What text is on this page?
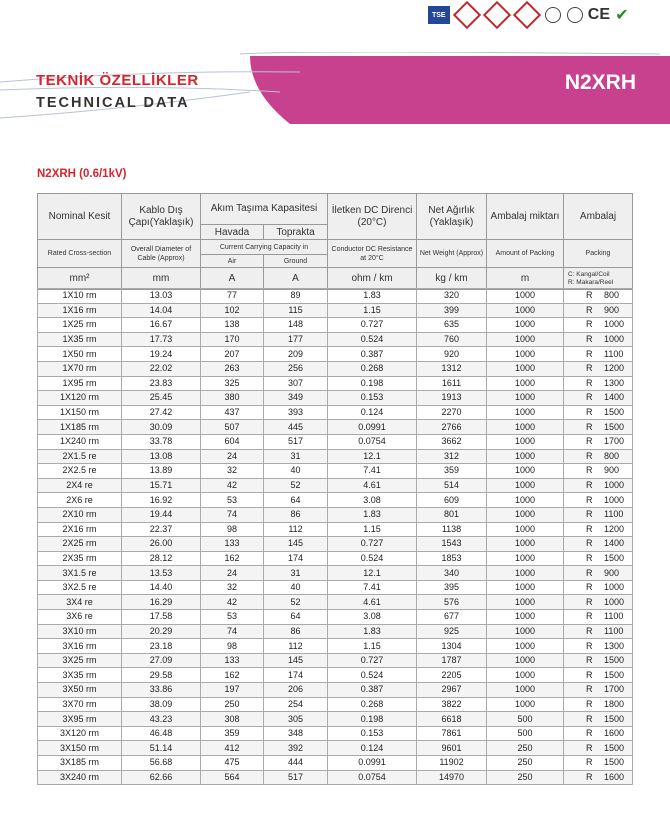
TSE	CE ✔
TEKNİK ÖZELLİKLER
TECHNICAL DATA
N2XRH
N2XRH (0.6/1kV)
Nominal Kesit	Kablo Dış Çapı(Yaklaşık)	Akım Taşıma Kapasitesi		İletken DC Direnci (20°C)	Net Ağırlık (Yaklaşık)	Ambalaj miktarı	Ambalaj
		Havada	Toprakta				
Rated Cross-section	Overall Diameter of Cable (Approx)	Current Carrying Capacity in		Conductor DC Resistance at 20°C	Net Weight (Approx)	Amount of Packing	Packing
		Air	Ground				
mm²	mm	A	A	ohm / km	kg / km	m	C: Kangal/Coil
R: Makara/Reel
1X10 rm	13.03	77	89	1.83	320	1000	R 800
1X16 rm	14.04	102	115	1.15	399	1000	R 900
1X25 rm	16.67	138	148	0.727	635	1000	R 1000
1X35 rm	17.73	170	177	0.524	760	1000	R 1000
1X50 rm	19.24	207	209	0.387	920	1000	R 1100
1X70 rm	22.02	263	256	0.268	1312	1000	R 1200
1X95 rm	23.83	325	307	0.198	1611	1000	R 1300
1X120 rm	25.45	380	349	0.153	1913	1000	R 1400
1X150 rm	27.42	437	393	0.124	2270	1000	R 1500
1X185 rm	30.09	507	445	0.0991	2766	1000	R 1500
1X240 rm	33.78	604	517	0.0754	3662	1000	R 1700
2X1.5 re	13.08	24	31	12.1	312	1000	R 800
2X2.5 re	13.89	32	40	7.41	359	1000	R 900
2X4 re	15.71	42	52	4.61	514	1000	R 1000
2X6 re	16.92	53	64	3.08	609	1000	R 1000
2X10 rm	19.44	74	86	1.83	801	1000	R 1100
2X16 rm	22.37	98	112	1.15	1138	1000	R 1200
2X25 rm	26.00	133	145	0.727	1543	1000	R 1400
2X35 rm	28.12	162	174	0.524	1853	1000	R 1500
3X1.5 re	13.53	24	31	12.1	340	1000	R 900
3X2.5 re	14.40	32	40	7.41	395	1000	R 1000
3X4 re	16.29	42	52	4.61	576	1000	R 1000
3X6 re	17.58	53	64	3.08	677	1000	R 1100
3X10 rm	20.29	74	86	1.83	925	1000	R 1100
3X16 rm	23.18	98	112	1.15	1304	1000	R 1300
3X25 rm	27.09	133	145	0.727	1787	1000	R 1500
3X35 rm	29.58	162	174	0.524	2205	1000	R 1500
3X50 rm	33.86	197	206	0.387	2967	1000	R 1700
3X70 rm	38.09	250	254	0.268	3822	1000	R 1800
3X95 rm	43.23	308	305	0.198	6618	500	R 1500
3X120 rm	46.48	359	348	0.153	7861	500	R 1600
3X150 rm	51.14	412	392	0.124	9601	250	R 1500
3X185 rm	56.68	475	444	0.0991	11902	250	R 1500
3X240 rm	62.66	564	517	0.0754	14970	250	R 1600
